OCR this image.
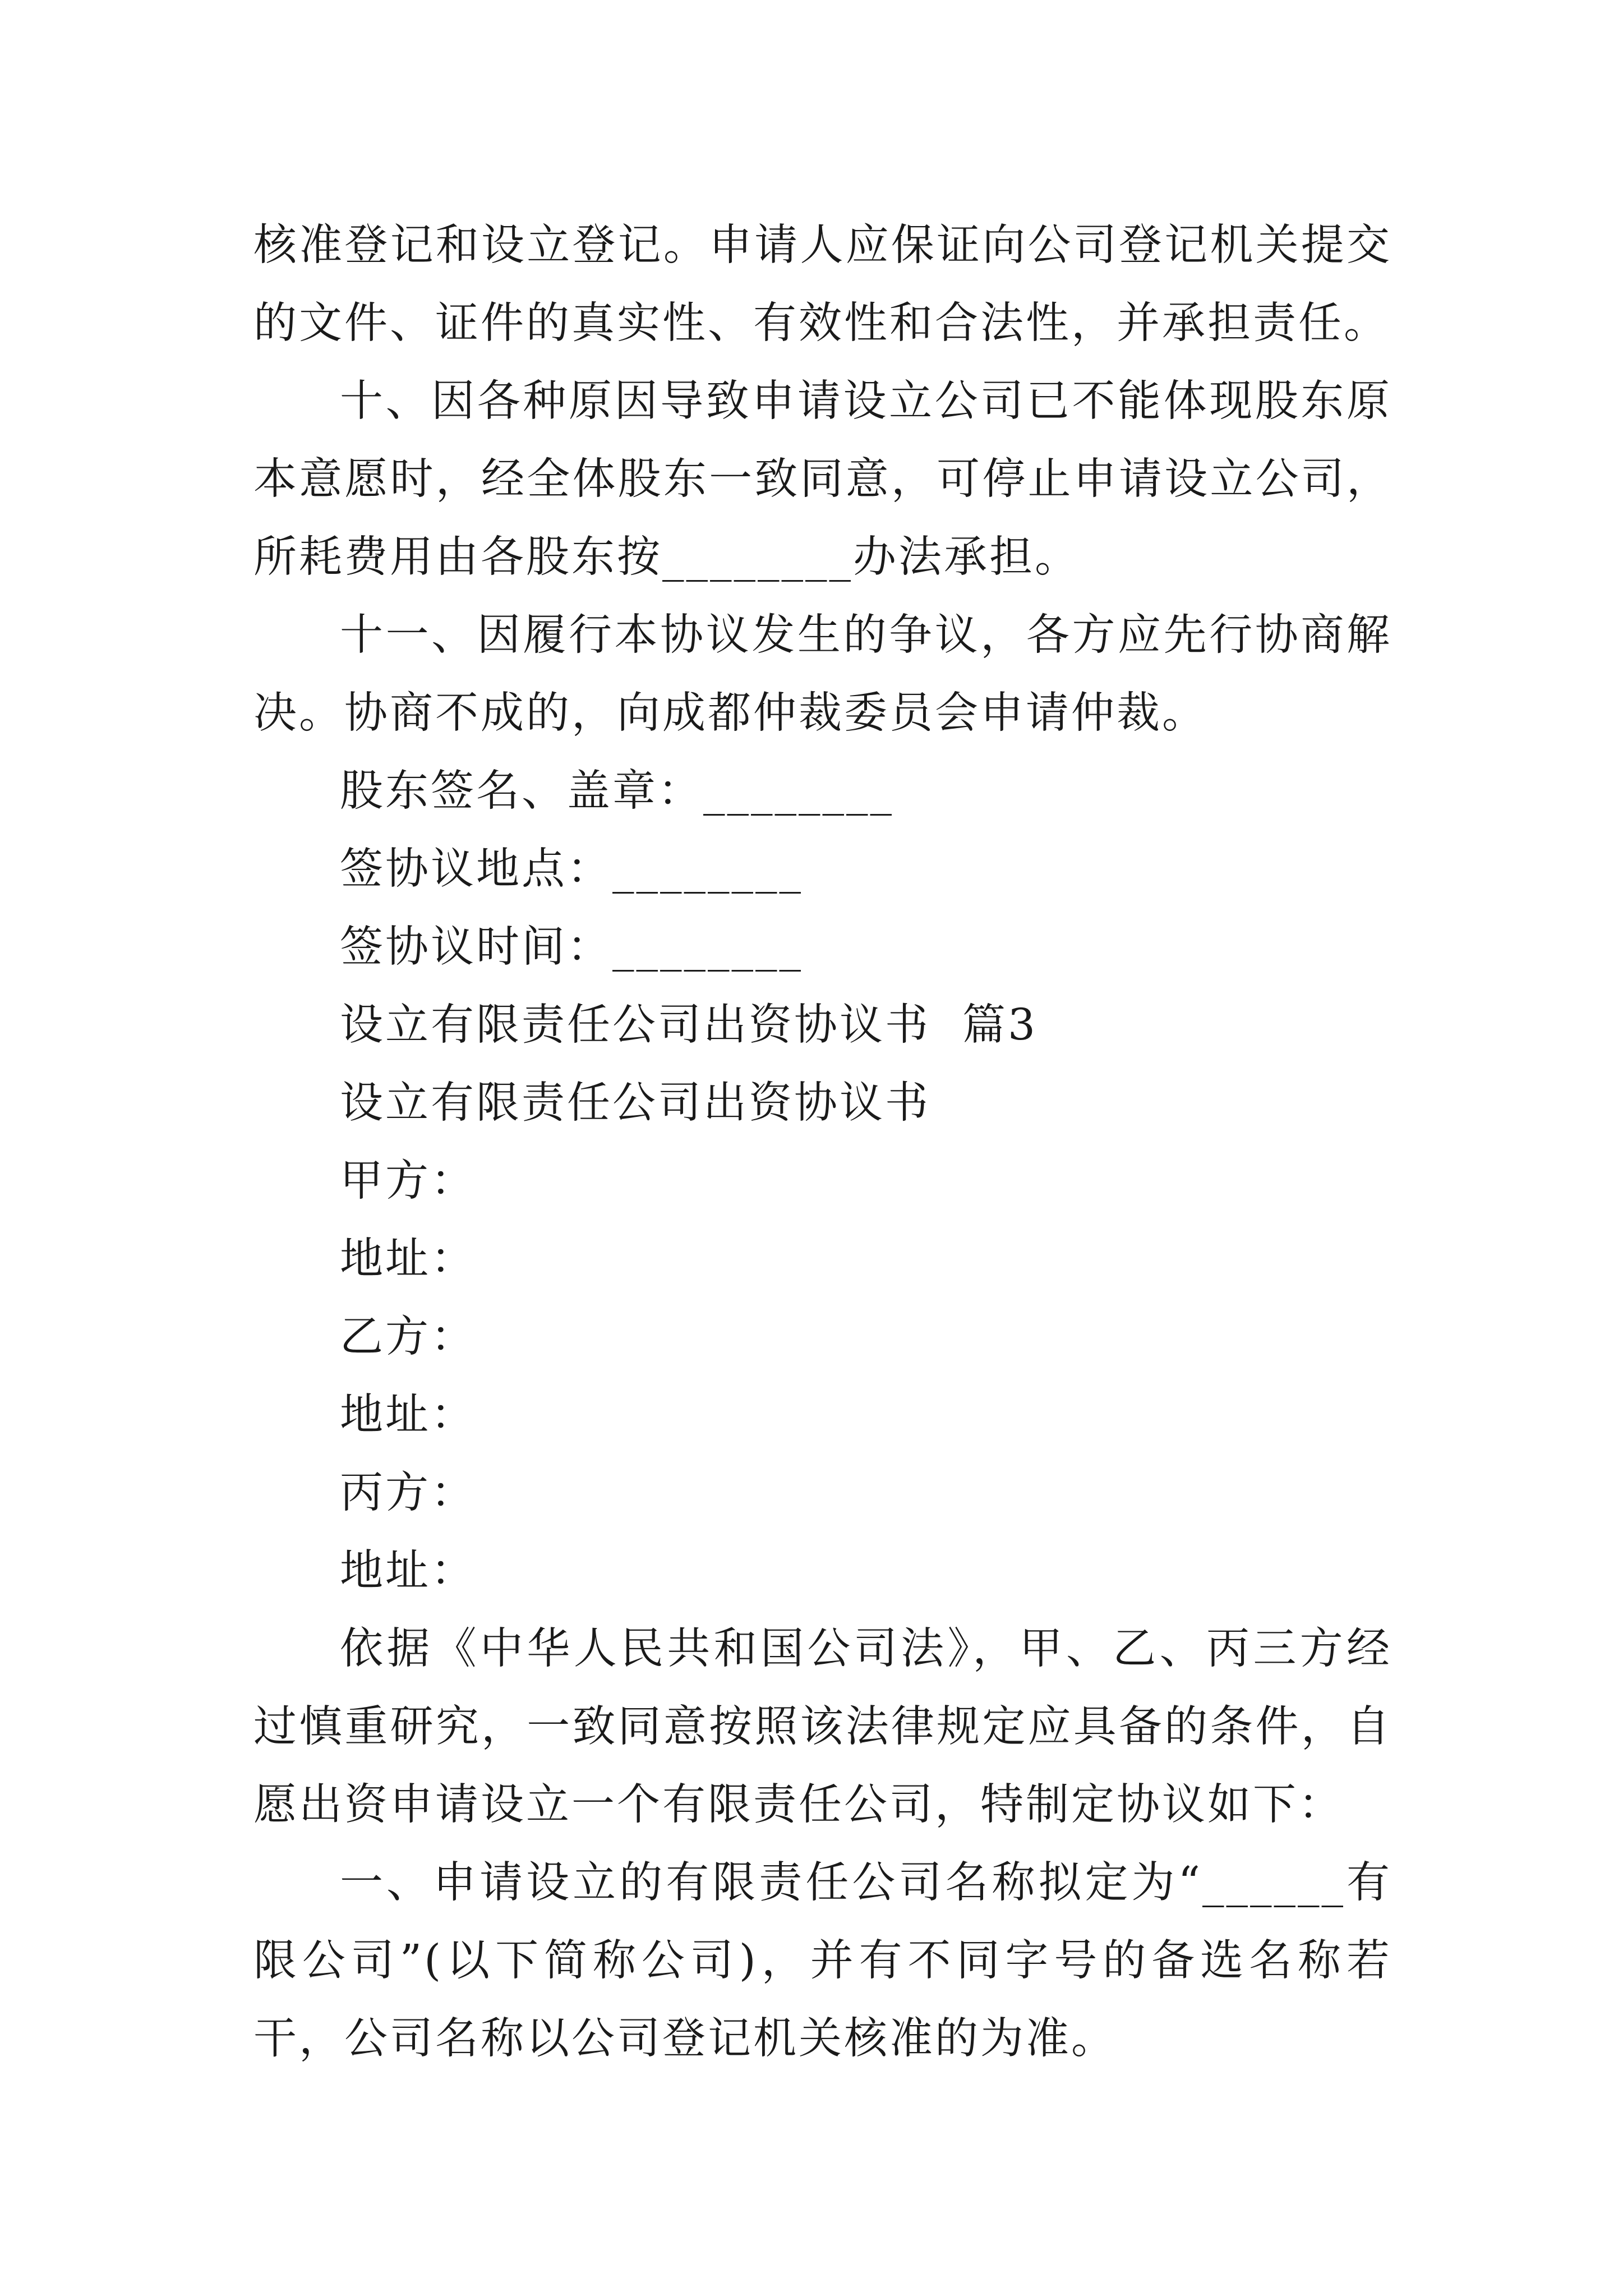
核准登记和设立登记。申请人应保证向公司登记机关提交的文件、证件的真实性、有效性和合法性，并承担责任。

十、因各种原因导致申请设立公司已不能体现股东原本意愿时，经全体股东一致同意，可停止申请设立公司，所耗费用由各股东按________办法承担。

十一、因履行本协议发生的争议，各方应先行协商解决。协商不成的，向成都仲裁委员会申请仲裁。

股东签名、盖章：________

签协议地点：________

签协议时间：________

设立有限责任公司出资协议书  篇3

设立有限责任公司出资协议书

甲方：

地址：

乙方：

地址：

丙方：

地址：

依据《中华人民共和国公司法》，甲、乙、丙三方经过慎重研究，一致同意按照该法律规定应具备的条件，自愿出资申请设立一个有限责任公司，特制定协议如下：

一、申请设立的有限责任公司名称拟定为“______有限公司”(以下简称公司)，并有不同字号的备选名称若干，公司名称以公司登记机关核准的为准。
